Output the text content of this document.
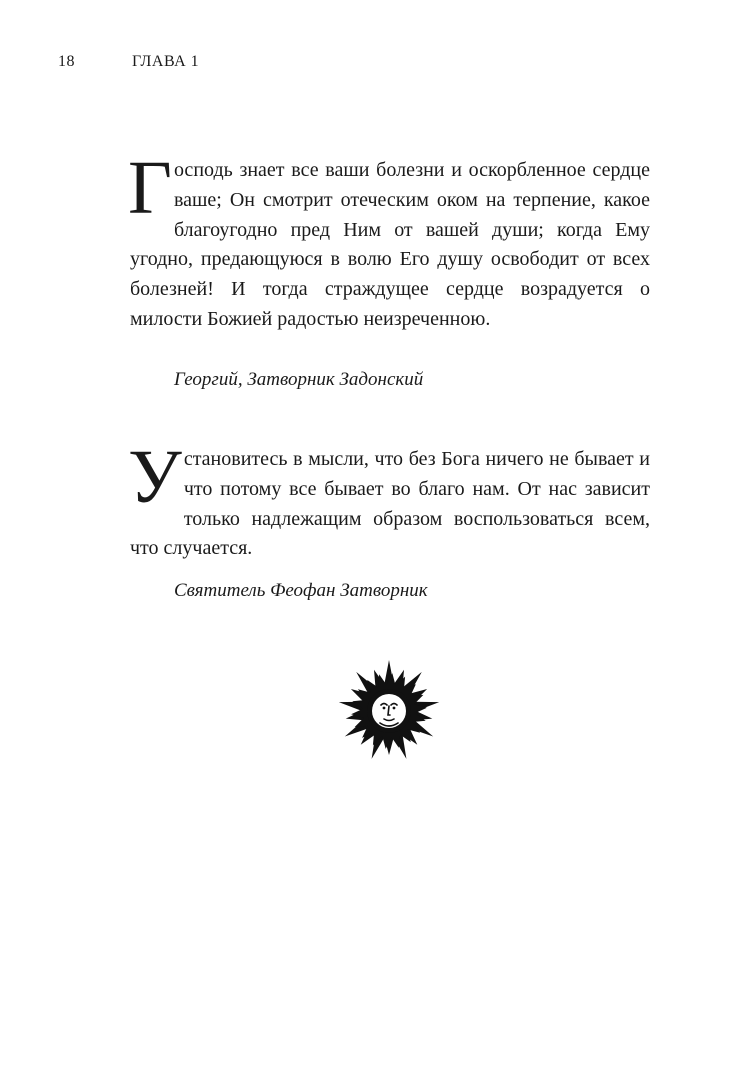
18	ГЛАВА 1
Господь знает все ваши болезни и оскорбленное сердце ваше; Он смотрит отеческим оком на терпение, какое благоугодно пред Ним от вашей души; когда Ему угодно, предающуюся в волю Его душу освободит от всех болезней! И тогда страждущее сердце возрадуется о милости Божией радостью неизреченною.
Георгий, Затворник Задонский
Установитесь в мысли, что без Бога ничего не бывает и что потому все бывает во благо нам. От нас зависит только надлежащим образом воспользоваться всем, что случается.
Святитель Феофан Затворник
